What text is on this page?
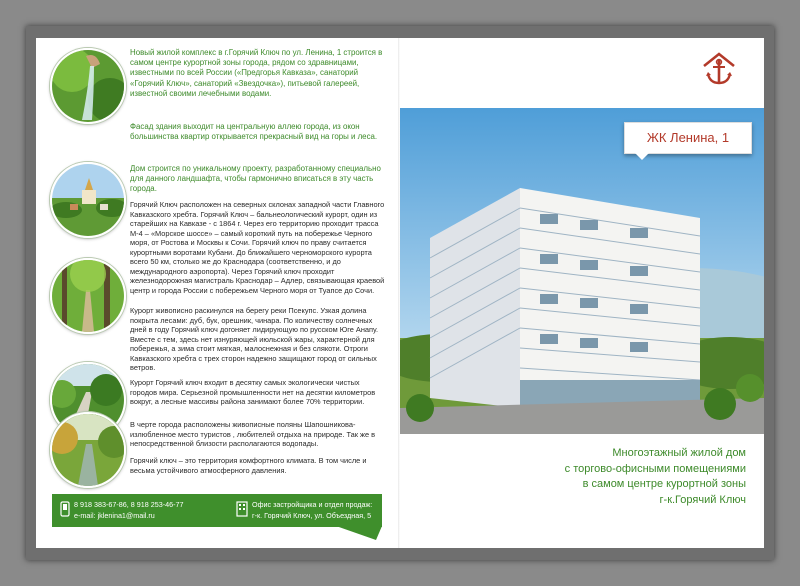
Новый жилой комплекс в г.Горячий Ключ по ул. Ленина, 1 строится в самом центре курортной зоны города, рядом со здравницами, известными по всей России («Предгорья Кавказа», санаторий «Горячий Ключ», санаторий «Звездочка»), питьевой галереей, известной своими лечебными водами.

Фасад здания выходит на центральную аллею города, из окон большинства квартир открывается прекрасный вид на горы и леса.

Дом строится по уникальному проекту, разработанному специально для данного ландшафта, чтобы гармонично вписаться в эту часть города.

Горячий Ключ расположен на северных склонах западной части Главного Кавказского хребта. Горячий Ключ – бальнеологический курорт, один из старейших на Кавказе - с 1864 г. Через его территорию проходит трасса М-4 – «Морское шоссе» – самый короткий путь на побережье Черного моря, от Ростова и Москвы к Сочи. Горячий ключ по праву считается курортными воротами Кубани. До ближайшего черноморского курорта всего 50 км, столько же до Краснодара (соответственно, и до международного аэропорта). Через Горячий ключ проходит железнодорожная магистраль Краснодар – Адлер, связывающая краевой центр и города России с побережьем Черного моря от Туапсе до Сочи.

Курорт живописно раскинулся на берегу реки Псекупс. Узкая долина покрыта лесами: дуб, бук, орешник, чинара. По количеству солнечных дней в году Горячий ключ догоняет лидирующую по русском Юге Анапу. Вместе с тем, здесь нет изнуряющей июльской жары, характерной для побережья, а зима стоит мягкая, малоснежная и без слякоти. Отроги Кавказского хребта с трех сторон надежно защищают город от сильных ветров.

Курорт Горячий ключ входит в десятку самых экологически чистых городов мира. Серьезной промышленности нет на десятки километров вокруг, а лесные массивы района занимают более 70% территории.

В черте города расположены живописные поляны Шапошникова- излюбленное место туристов , любителей отдыха на природе. Так же в непосредственной близости располагаются водопады.

Горячий ключ – это территория комфортного климата. В том числе и весьма устойчивого атмосферного давления.

8 918 383-67-86, 8 918 253-46-77
e-mail: jklenina1@mail.ru
Офис застройщика и отдел продаж:
г-к. Горячий Ключ, ул. Объездная, 5
ЖК Ленина, 1
Многоэтажный жилой дом
с торгово-офисными помещениями
в самом центре курортной зоны
г-к.Горячий Ключ
